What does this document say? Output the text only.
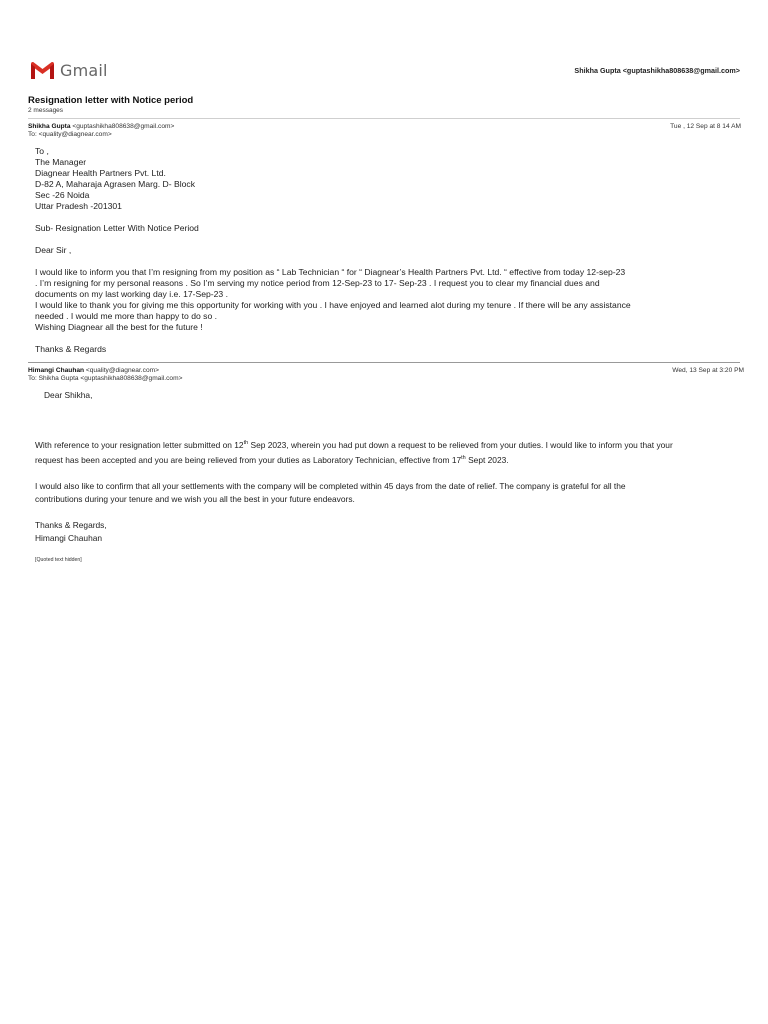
Gmail	Shikha Gupta <guptashikha808638@gmail.com>
Resignation letter with Notice period
2 messages
Shikha Gupta <guptashikha808638@gmail.com>
To: <quality@diagnear.com>
Tue , 12 Sep at 8 14 AM

To ,

The Manager

Diagnear Health Partners Pvt. Ltd.

D-82 A, Maharaja Agrasen Marg. D- Block

Sec -26 Noida

Uttar Pradesh -201301

Sub- Resignation Letter With Notice Period

Dear Sir ,

I would like to inform you that I’m resigning from my position as “ Lab Technician “ for “ Diagnear’s Health Partners Pvt. Ltd. “ effective from today 12-sep-23

. I’m resigning for my personal reasons . So I’m serving my notice period from 12-Sep-23 to 17- Sep-23 . I request you to clear my financial dues and

documents on my last working day i.e. 17-Sep-23 .

I would like to thank you for giving me this opportunity for working with you . I have enjoyed and learned alot during my tenure . If there will be any assistance

needed . I would me more than happy to do so .

Wishing Diagnear all the best for the future !

Thanks & Regards

Himangi Chauhan <quality@diagnear.com>
To: Shikha Gupta <guptashikha808638@gmail.com>
Wed, 13 Sep at 3:20 PM
Dear Shikha,

With reference to your resignation letter submitted on 12th Sep 2023, wherein you had put down a request to be relieved from your duties. I would like to inform you that your

request has been accepted and you are being relieved from your duties as Laboratory Technician, effective from 17th Sept 2023.

I would also like to confirm that all your settlements with the company will be completed within 45 days from the date of relief. The company is grateful for all the

contributions during your tenure and we wish you all the best in your future endeavors.

Thanks & Regards,

Himangi Chauhan

[Quoted text hidden]
